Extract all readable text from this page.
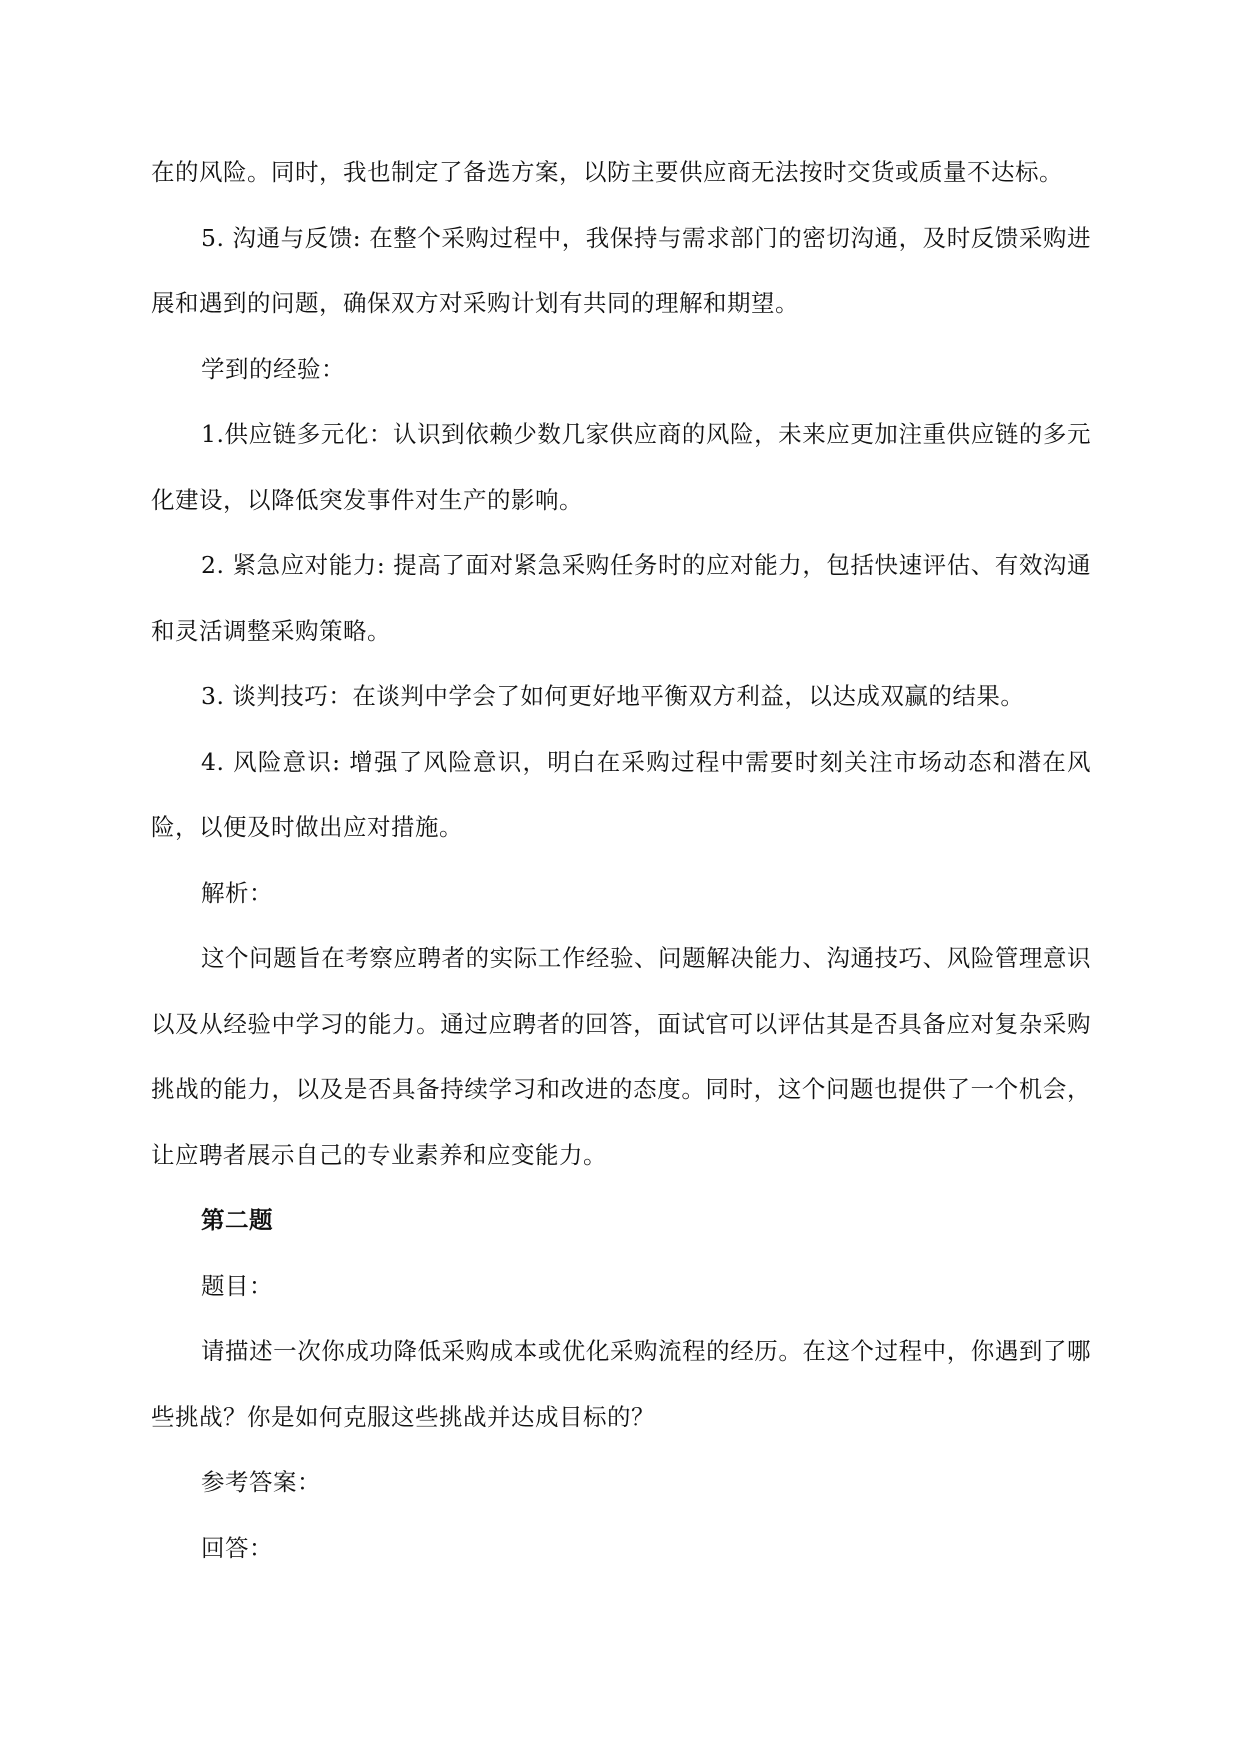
在的风险。同时，我也制定了备选方案，以防主要供应商无法按时交货或质量不达标。

5. 沟通与反馈: 在整个采购过程中，我保持与需求部门的密切沟通，及时反馈采购进展和遇到的问题，确保双方对采购计划有共同的理解和期望。

学到的经验：

1.供应链多元化：认识到依赖少数几家供应商的风险，未来应更加注重供应链的多元化建设，以降低突发事件对生产的影响。

2. 紧急应对能力: 提高了面对紧急采购任务时的应对能力，包括快速评估、有效沟通和灵活调整采购策略。

3. 谈判技巧：在谈判中学会了如何更好地平衡双方利益，以达成双赢的结果。

4. 风险意识: 增强了风险意识，明白在采购过程中需要时刻关注市场动态和潜在风险，以便及时做出应对措施。

解析：

这个问题旨在考察应聘者的实际工作经验、问题解决能力、沟通技巧、风险管理意识以及从经验中学习的能力。通过应聘者的回答，面试官可以评估其是否具备应对复杂采购挑战的能力，以及是否具备持续学习和改进的态度。同时，这个问题也提供了一个机会，让应聘者展示自己的专业素养和应变能力。

第二题

题目：

请描述一次你成功降低采购成本或优化采购流程的经历。在这个过程中，你遇到了哪些挑战？你是如何克服这些挑战并达成目标的？

参考答案：

回答：
